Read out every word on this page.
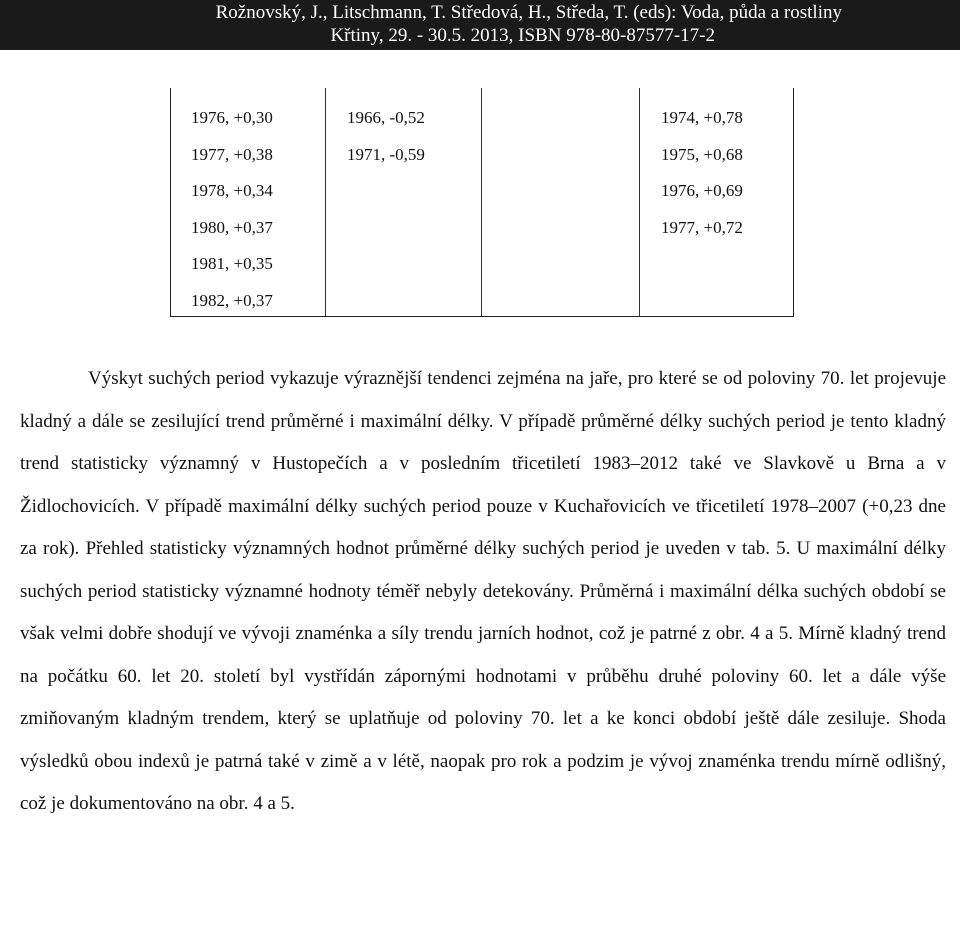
Rožnovský, J., Litschmann, T. Středová, H., Středa, T. (eds): Voda, půda a rostliny
Křtiny, 29. - 30.5. 2013, ISBN 978-80-87577-17-2
1976, +0,30
1977, +0,38
1978, +0,34
1980, +0,37
1981, +0,35
1982, +0,37
1966, -0,52
1971, -0,59
1974, +0,78
1975, +0,68
1976, +0,69
1977, +0,72

Výskyt suchých period vykazuje výraznější tendenci zejména na jaře, pro které se od poloviny 70. let projevuje kladný a dále se zesilující trend průměrné i maximální délky. V případě průměrné délky suchých period je tento kladný trend statisticky významný v Hustopečích a v posledním třicetiletí 1983–2012 také ve Slavkově u Brna a v Židlochovicích. V případě maximální délky suchých period pouze v Kuchařovicích ve třicetiletí 1978–2007 (+0,23 dne za rok). Přehled statisticky významných hodnot průměrné délky suchých period je uveden v tab. 5. U maximální délky suchých period statisticky významné hodnoty téměř nebyly detekovány. Průměrná i maximální délka suchých období se však velmi dobře shodují ve vývoji znaménka a síly trendu jarních hodnot, což je patrné z obr. 4 a 5. Mírně kladný trend na počátku 60. let 20. století byl vystřídán zápornými hodnotami v průběhu druhé poloviny 60. let a dále výše zmiňovaným kladným trendem, který se uplatňuje od poloviny 70. let a ke konci období ještě dále zesiluje. Shoda výsledků obou indexů je patrná také v zimě a v létě, naopak pro rok a podzim je vývoj znaménka trendu mírně odlišný, což je dokumentováno na obr. 4 a 5.
